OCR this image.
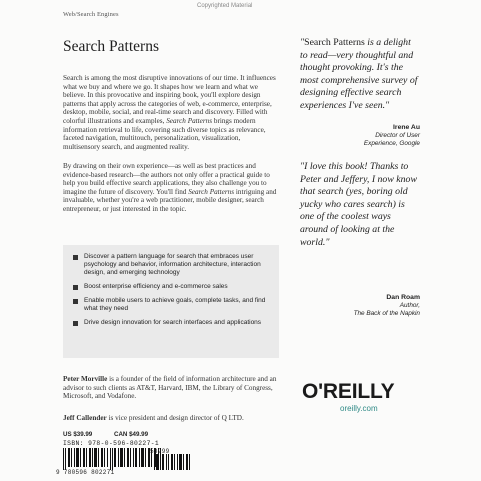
Copyrighted Material
Web/Search Engines
Search Patterns

Search is among the most disruptive innovations of our time. It influences what we buy and where we go. It shapes how we learn and what we believe. In this provocative and inspiring book, you'll explore design patterns that apply across the categories of web, e-commerce, enterprise, desktop, mobile, social, and real-time search and discovery. Filled with colorful illustrations and examples, Search Patterns brings modern information retrieval to life, covering such diverse topics as relevance, faceted navigation, multitouch, personalization, visualization, multisensory search, and augmented reality.

By drawing on their own experience—as well as best practices and evidence-based research—the authors not only offer a practical guide to help you build effective search applications, they also challenge you to imagine the future of discovery. You'll find Search Patterns intriguing and invaluable, whether you're a web practitioner, mobile designer, search entrepreneur, or just interested in the topic.

Discover a pattern language for search that embraces user psychology and behavior, information architecture, interaction design, and emerging technology
Boost enterprise efficiency and e-commerce sales
Enable mobile users to achieve goals, complete tasks, and find what they need
Drive design innovation for search interfaces and applications

Peter Morville is a founder of the field of information architecture and an advisor to such clients as AT&T, Harvard, IBM, the Library of Congress, Microsoft, and Vodafone.

Jeff Callender is vice president and design director of Q LTD.

"Search Patterns is a delight to read—very thoughtful and thought provoking. It's the most comprehensive survey of designing effective search experiences I've seen."

Irene Au
Director of User
Experience, Google

"I love this book! Thanks to Peter and Jeffery, I now know that search (yes, boring old yucky who cares search) is one of the coolest ways around of looking at the world."

Dan Roam
Author,
The Back of the Napkin
O'REILLY
oreilly.com
US $39.99	CAN $49.99
ISBN: 978-0-596-80227-1
9 780596 802271
53999
